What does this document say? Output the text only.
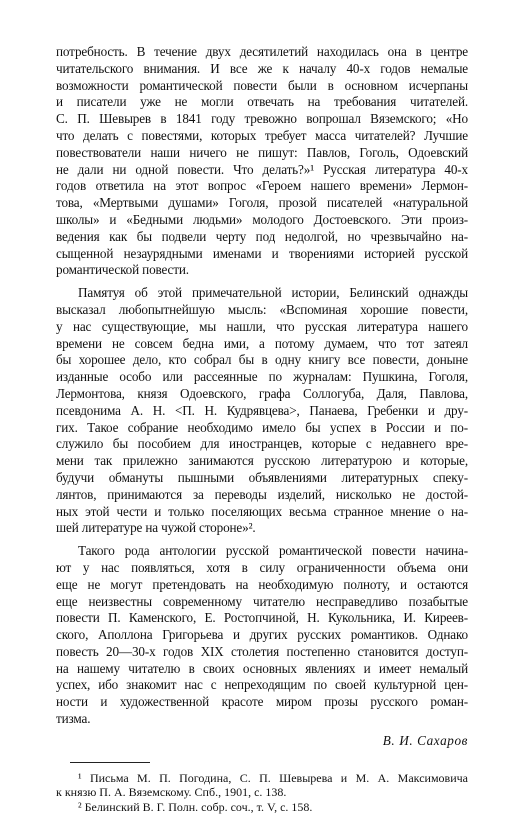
потребность. В течение двух десятилетий находилась она в центре
читательского внимания. И все же к началу 40-х годов немалые
возможности романтической повести были в основном исчерпаны
и писатели уже не могли отвечать на требования читателей.
С. П. Шевырев в 1841 году тревожно вопрошал Вяземского; «Но
что делать с повестями, которых требует масса читателей? Лучшие
повествователи наши ничего не пишут: Павлов, Гоголь, Одоевский
не дали ни одной повести. Что делать?»¹ Русская литература 40-х
годов ответила на этот вопрос «Героем нашего времени» Лермон-
това, «Мертвыми душами» Гоголя, прозой писателей «натуральной
школы» и «Бедными людьми» молодого Достоевского. Эти произ-
ведения как бы подвели черту под недолгой, но чрезвычайно на-
сыщенной незаурядными именами и творениями историей русской
романтической повести.
Памятуя об этой примечательной истории, Белинский однажды
высказал любопытнейшую мысль: «Вспоминая хорошие повести,
у нас существующие, мы нашли, что русская литература нашего
времени не совсем бедна ими, а потому думаем, что тот затеял
бы хорошее дело, кто собрал бы в одну книгу все повести, доныне
изданные особо или рассеянные по журналам: Пушкина, Гоголя,
Лермонтова, князя Одоевского, графа Соллогуба, Даля, Павлова,
псевдонима А. Н. <П. Н. Кудрявцева>, Панаева, Гребенки и дру-
гих. Такое собрание необходимо имело бы успех в России и по-
служило бы пособием для иностранцев, которые с недавнего вре-
мени так прилежно занимаются русскою литературою и которые,
будучи обмануты пышными объявлениями литературных спеку-
лянтов, принимаются за переводы изделий, нисколько не достой-
ных этой чести и только поселяющих весьма странное мнение о на-
шей литературе на чужой стороне»².
Такого рода антологии русской романтической повести начина-
ют у нас появляться, хотя в силу ограниченности объема они
еще не могут претендовать на необходимую полноту, и остаются
еще неизвестны современному читателю несправедливо позабытые
повести П. Каменского, Е. Ростопчиной, Н. Кукольника, И. Киреев-
ского, Аполлона Григорьева и других русских романтиков. Однако
повесть 20—30-х годов XIX столетия постепенно становится доступ-
на нашему читателю в своих основных явлениях и имеет немалый
успех, ибо знакомит нас с непреходящим по своей культурной цен-
ности и художественной красоте миром прозы русского роман-
тизма.
В. И. Сахаров
¹ Письма М. П. Погодина, С. П. Шевырева и М. А. Максимовича
к князю П. А. Вяземскому. Спб., 1901, с. 138.
² Белинский В. Г. Полн. собр. соч., т. V, с. 158.
